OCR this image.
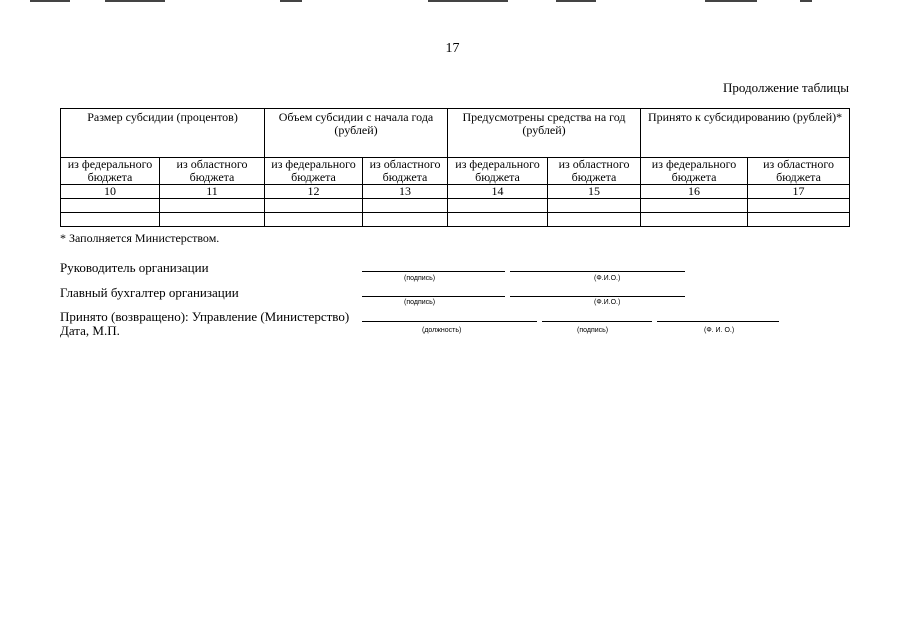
17
Продолжение таблицы
Размер субсидии (процентов)		Объем субсидии с начала года (рублей)		Предусмотрены средства на год (рублей)		Принято к субсидированию (рублей)*	
из федерального бюджета	из областного бюджета	из федерального бюджета	из областного бюджета	из федерального бюджета	из областного бюджета	из федерального бюджета	из областного бюджета
10	11	12	13	14	15	16	17

* Заполняется Министерством.
Руководитель организации
(подпись)	(Ф.И.О.)
Главный бухгалтер организации
(подпись)	(Ф.И.О.)
Принято (возвращено): Управление (Министерство)
Дата, М.П.	(должность)	(подпись)	(Ф. И. О.)
